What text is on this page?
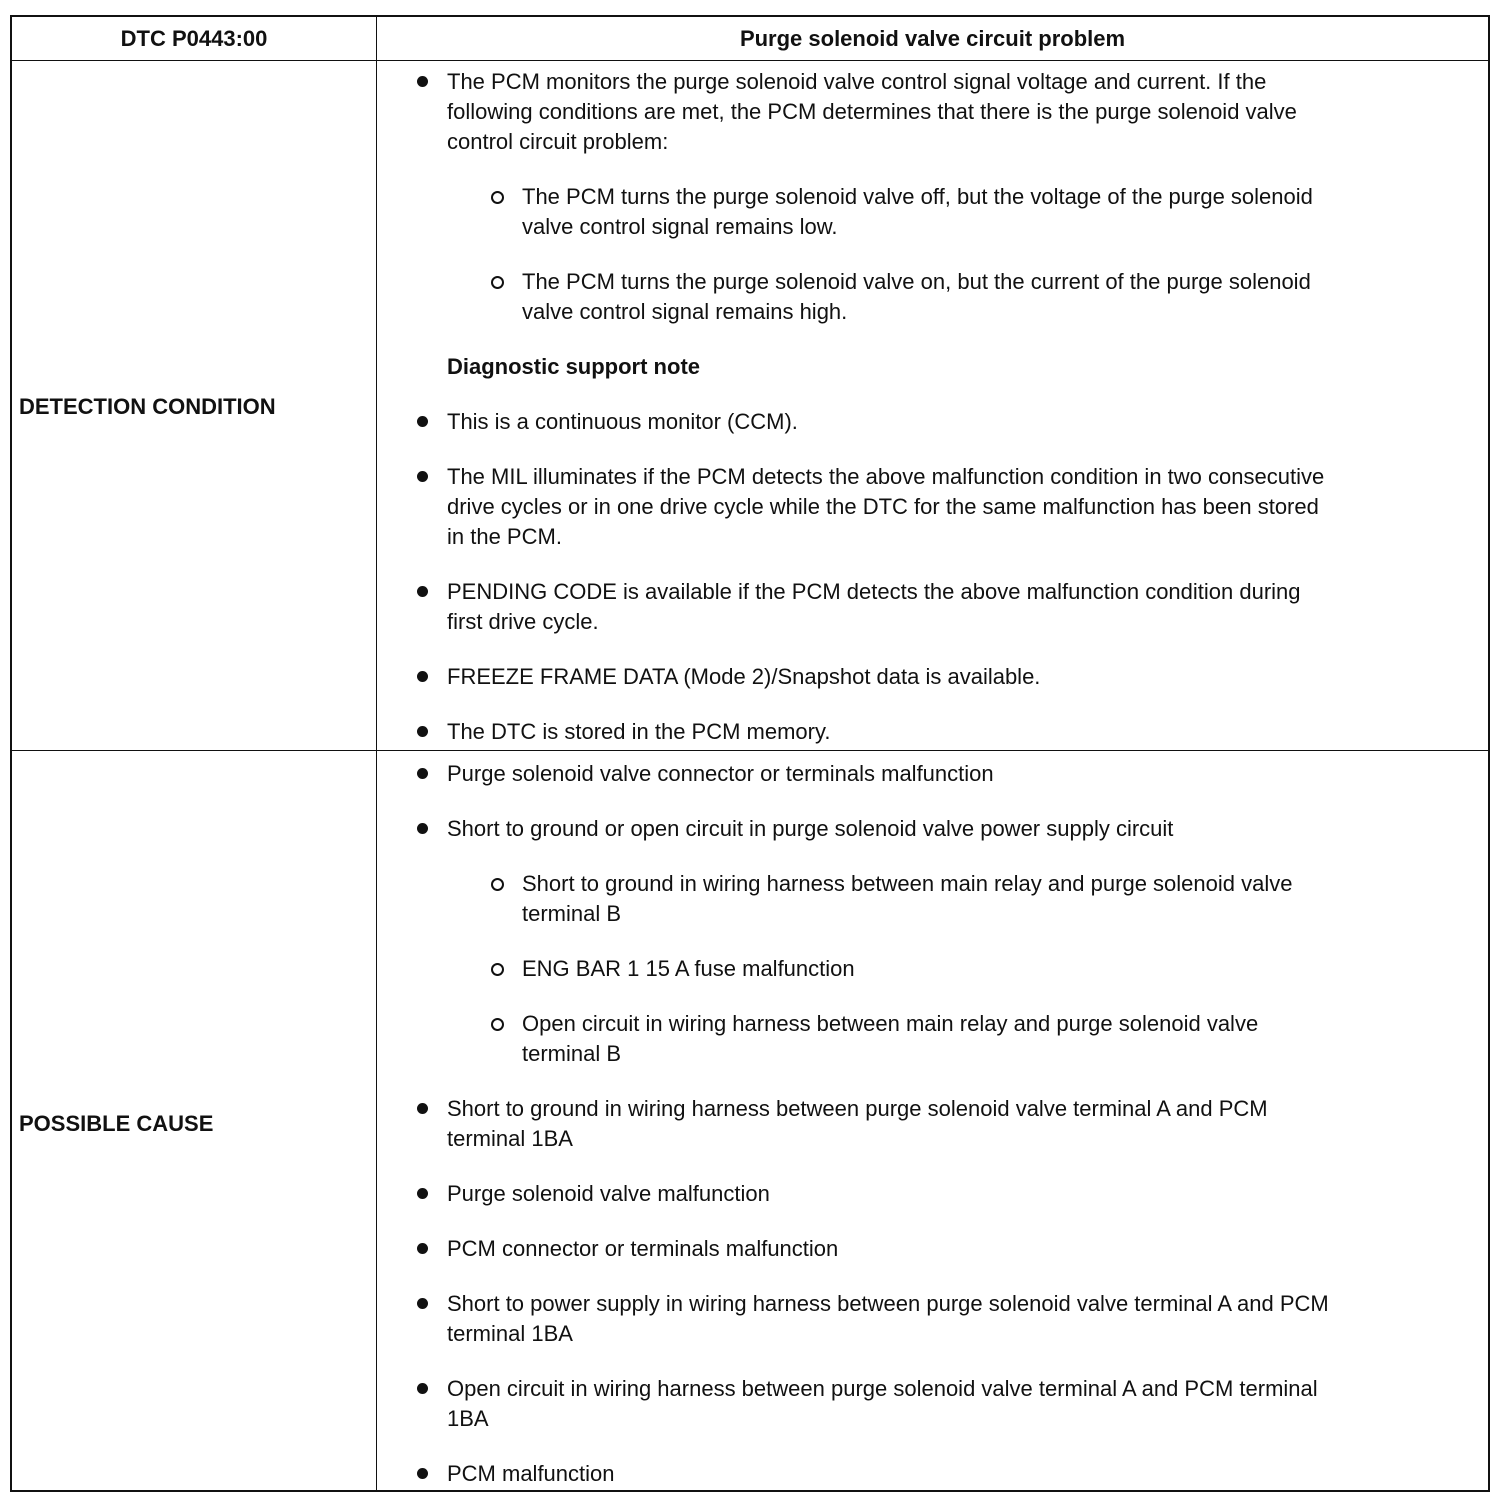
DTC P0443:00	Purge solenoid valve circuit problem
DETECTION CONDITION
POSSIBLE CAUSE
The PCM monitors the purge solenoid valve control signal voltage and current. If the
following conditions are met, the PCM determines that there is the purge solenoid valve
control circuit problem:
The PCM turns the purge solenoid valve off, but the voltage of the purge solenoid
valve control signal remains low.
The PCM turns the purge solenoid valve on, but the current of the purge solenoid
valve control signal remains high.
Diagnostic support note
This is a continuous monitor (CCM).
The MIL illuminates if the PCM detects the above malfunction condition in two consecutive
drive cycles or in one drive cycle while the DTC for the same malfunction has been stored
in the PCM.
PENDING CODE is available if the PCM detects the above malfunction condition during
first drive cycle.
FREEZE FRAME DATA (Mode 2)/Snapshot data is available.
The DTC is stored in the PCM memory.
Purge solenoid valve connector or terminals malfunction
Short to ground or open circuit in purge solenoid valve power supply circuit
Short to ground in wiring harness between main relay and purge solenoid valve
terminal B
ENG BAR 1 15 A fuse malfunction
Open circuit in wiring harness between main relay and purge solenoid valve
terminal B
Short to ground in wiring harness between purge solenoid valve terminal A and PCM
terminal 1BA
Purge solenoid valve malfunction
PCM connector or terminals malfunction
Short to power supply in wiring harness between purge solenoid valve terminal A and PCM
terminal 1BA
Open circuit in wiring harness between purge solenoid valve terminal A and PCM terminal
1BA
PCM malfunction
